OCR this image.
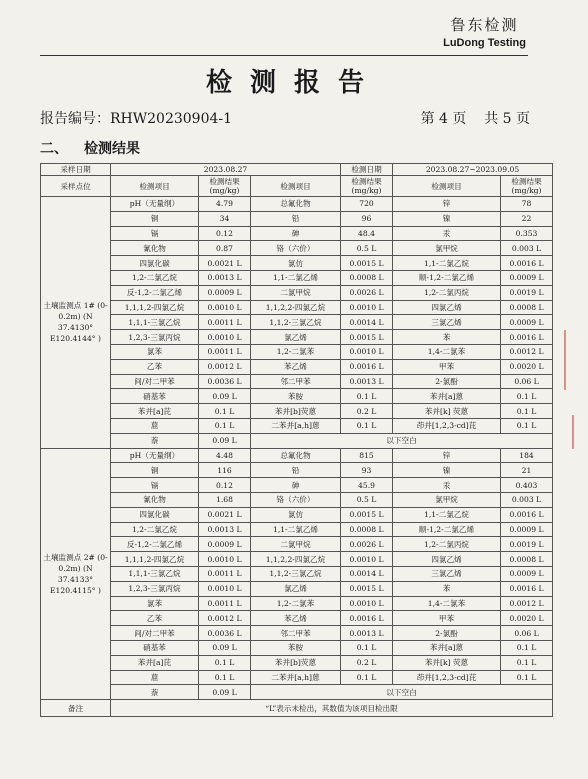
鲁东检测
LuDong Testing
检测报告
报告编号：RHW20230904-1	第 4 页 共 5 页
二、 检测结果
采样日期	2023.08.27			检测日期	2023.08.27~2023.09.05	
采样点位	检测项目	检测结果 (mg/kg)	检测项目	检测结果 (mg/kg)	检测项目	检测结果 (mg/kg)
土壤监测点 1# (0-0.2m) (N 37.4130° E120.4144° )	pH（无量纲）	4.79	总氟化物	720	锌	78
	铜	34	铅	96	镍	22
	镉	0.12	砷	48.4	汞	0.353
	氰化物	0.87	铬（六价）	0.5 L	氯甲烷	0.003 L
	四氯化碳	0.0021 L	氯仿	0.0015 L	1,1-二氯乙烷	0.0016 L
	1,2-二氯乙烷	0.0013 L	1,1-二氯乙烯	0.0008 L	顺-1,2-二氯乙烯	0.0009 L
	反-1,2-二氯乙烯	0.0009 L	二氯甲烷	0.0026 L	1,2-二氯丙烷	0.0019 L
	1,1,1,2-四氯乙烷	0.0010 L	1,1,2,2-四氯乙烷	0.0010 L	四氯乙烯	0.0008 L
	1,1,1-三氯乙烷	0.0011 L	1,1,2-三氯乙烷	0.0014 L	三氯乙烯	0.0009 L
	1,2,3-三氯丙烷	0.0010 L	氯乙烯	0.0015 L	苯	0.0016 L
	氯苯	0.0011 L	1,2-二氯苯	0.0010 L	1,4-二氯苯	0.0012 L
	乙苯	0.0012 L	苯乙烯	0.0016 L	甲苯	0.0020 L
	间/对二甲苯	0.0036 L	邻二甲苯	0.0013 L	2-氯酚	0.06 L
	硝基苯	0.09 L	苯胺	0.1 L	苯并[a]蒽	0.1 L
	苯并[a]芘	0.1 L	苯并[b]荧蒽	0.2 L	苯并[k] 荧蒽	0.1 L
	䓛	0.1 L	二苯并[a,h]蒽	0.1 L	茚并[1,2,3-cd]芘	0.1 L
	萘	0.09 L	以下空白			
土壤监测点 2# (0-0.2m) (N 37.4133° E120.4115° )	pH（无量纲）	4.48	总氟化物	815	锌	184
	铜	116	铅	93	镍	21
	镉	0.12	砷	45.9	汞	0.403
	氰化物	1.68	铬（六价）	0.5 L	氯甲烷	0.003 L
	四氯化碳	0.0021 L	氯仿	0.0015 L	1,1-二氯乙烷	0.0016 L
	1,2-二氯乙烷	0.0013 L	1,1-二氯乙烯	0.0008 L	顺-1,2-二氯乙烯	0.0009 L
	反-1,2-二氯乙烯	0.0009 L	二氯甲烷	0.0026 L	1,2-二氯丙烷	0.0019 L
	1,1,1,2-四氯乙烷	0.0010 L	1,1,2,2-四氯乙烷	0.0010 L	四氯乙烯	0.0008 L
	1,1,1-三氯乙烷	0.0011 L	1,1,2-三氯乙烷	0.0014 L	三氯乙烯	0.0009 L
	1,2,3-三氯丙烷	0.0010 L	氯乙烯	0.0015 L	苯	0.0016 L
	氯苯	0.0011 L	1,2-二氯苯	0.0010 L	1,4-二氯苯	0.0012 L
	乙苯	0.0012 L	苯乙烯	0.0016 L	甲苯	0.0020 L
	间/对二甲苯	0.0036 L	邻二甲苯	0.0013 L	2-氯酚	0.06 L
	硝基苯	0.09 L	苯胺	0.1 L	苯并[a]蒽	0.1 L
	苯并[a]芘	0.1 L	苯并[b]荧蒽	0.2 L	苯并[k] 荧蒽	0.1 L
	䓛	0.1 L	二苯并[a,h]蒽	0.1 L	茚并[1,2,3-cd]芘	0.1 L
	萘	0.09 L	以下空白			
备注	“L”表示未检出，其数值为该项目检出限					
